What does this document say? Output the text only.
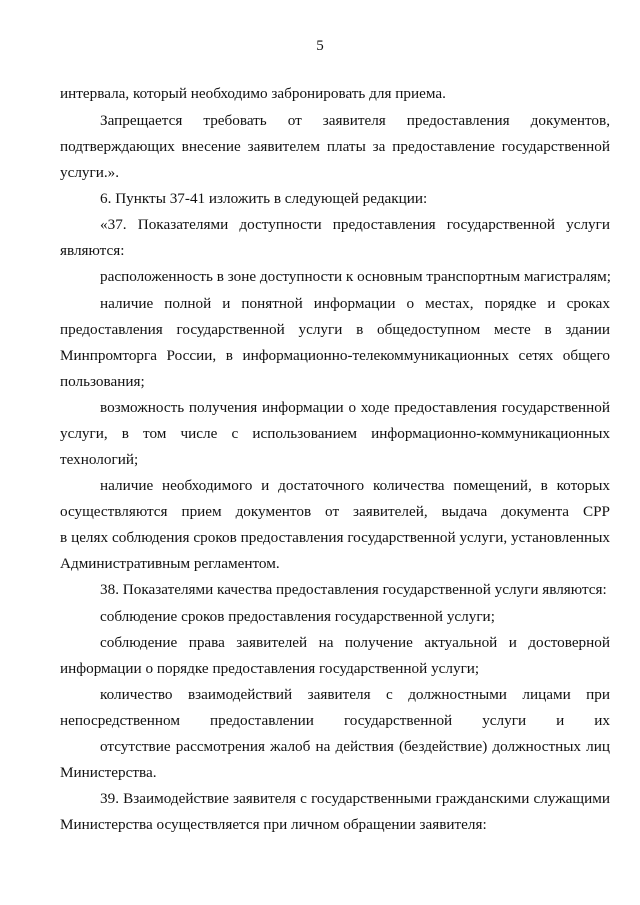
5
интервала, который необходимо забронировать для приема.
Запрещается требовать от заявителя предоставления документов,
подтверждающих внесение заявителем платы за предоставление государственной
услуги.».
6. Пункты 37-41 изложить в следующей редакции:
«37. Показателями доступности предоставления государственной услуги
являются:
расположенность в зоне доступности к основным транспортным магистралям;
наличие полной и понятной информации о местах, порядке и сроках
предоставления государственной услуги в общедоступном месте в здании
Минпромторга России, в информационно-телекоммуникационных сетях общего
пользования;
возможность получения информации о ходе предоставления государственной
услуги, в том числе с использованием информационно-коммуникационных
технологий;
наличие необходимого и достаточного количества помещений, в которых
осуществляются прием документов от заявителей, выдача документа СРР
в целях соблюдения сроков предоставления государственной услуги, установленных
Административным регламентом.
38. Показателями качества предоставления государственной услуги являются:
соблюдение сроков предоставления государственной услуги;
соблюдение права заявителей на получение актуальной и достоверной
информации о порядке предоставления государственной услуги;
количество взаимодействий заявителя с должностными лицами при
непосредственном предоставлении государственной услуги и их
отсутствие рассмотрения жалоб на действия (бездействие) должностных лиц
Министерства.
39. Взаимодействие заявителя с государственными гражданскими служащими
Министерства осуществляется при личном обращении заявителя:
